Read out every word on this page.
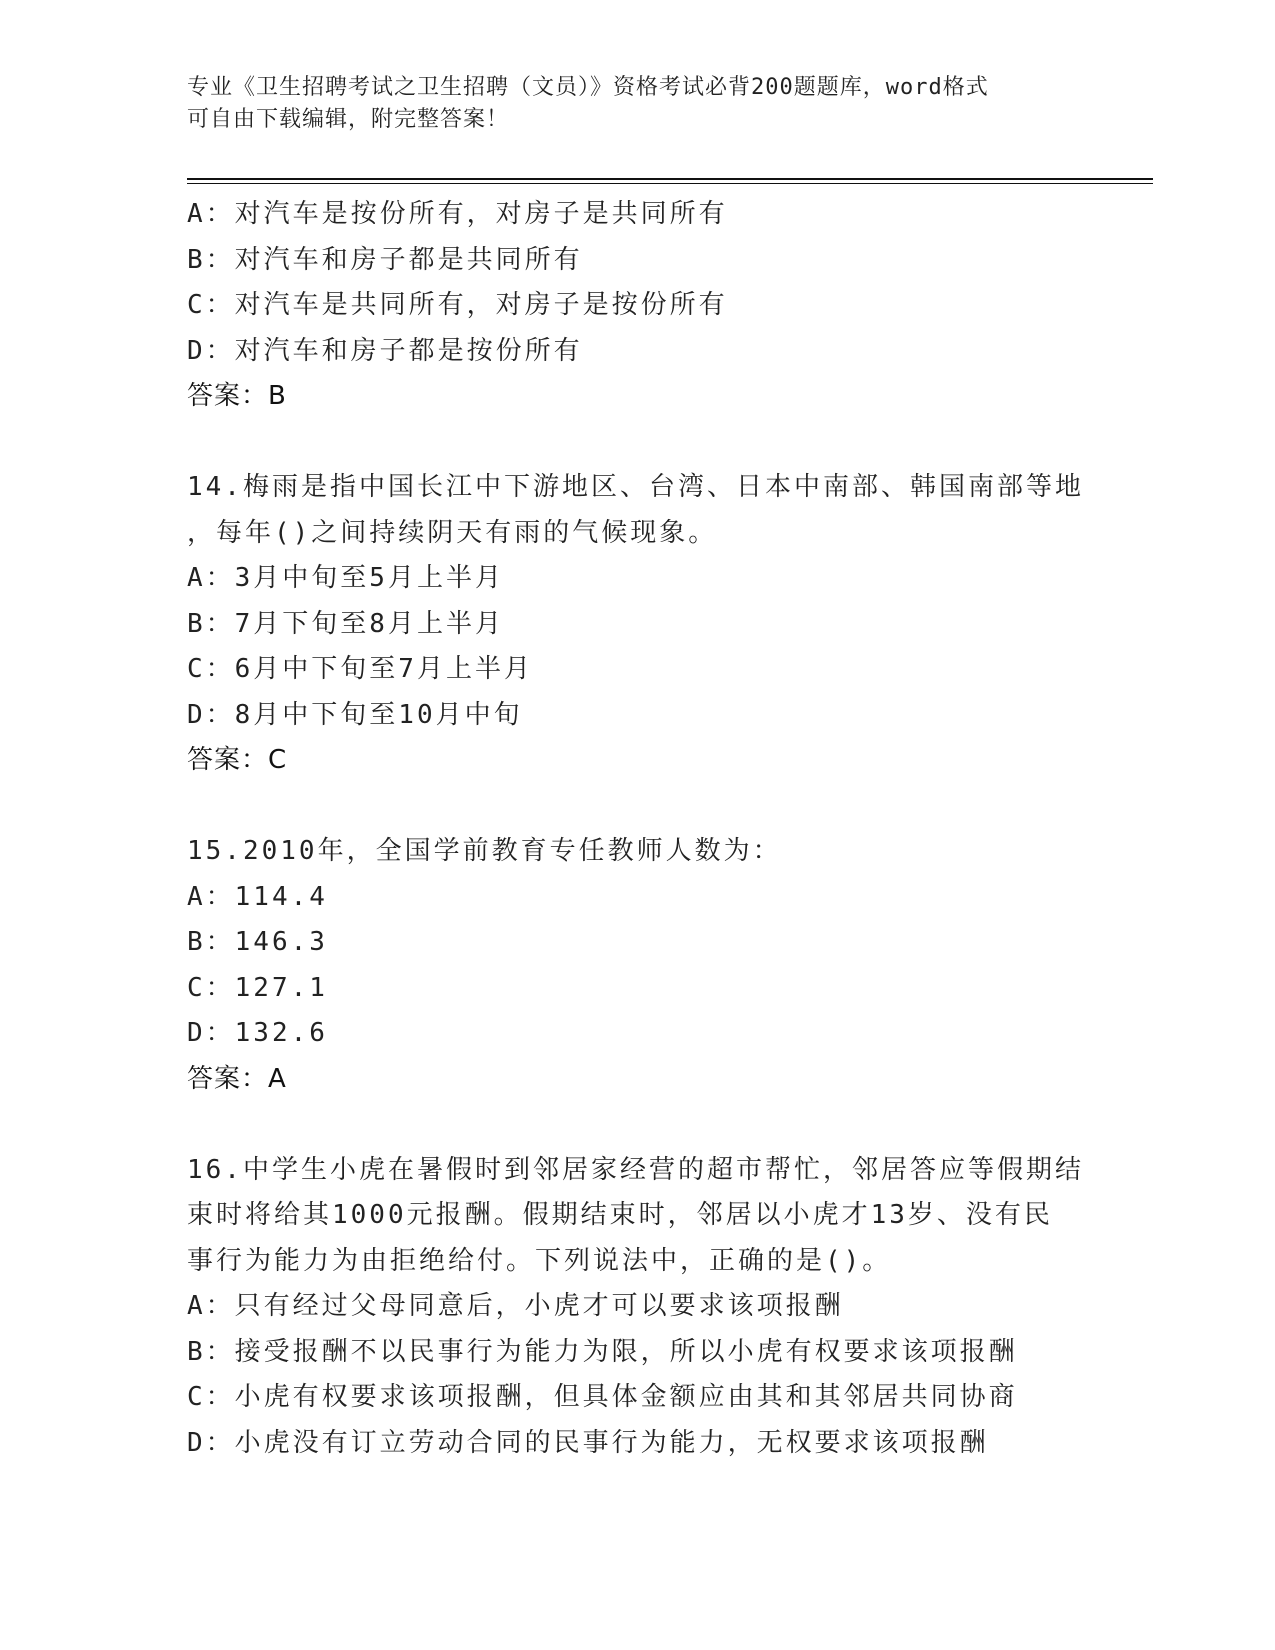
专业《卫生招聘考试之卫生招聘（文员）》资格考试必背200题题库，word格式
可自由下载编辑，附完整答案！
A：对汽车是按份所有，对房子是共同所有
B：对汽车和房子都是共同所有
C：对汽车是共同所有，对房子是按份所有
D：对汽车和房子都是按份所有
答案：B
14.梅雨是指中国长江中下游地区、台湾、日本中南部、韩国南部等地
，每年()之间持续阴天有雨的气候现象。
A：3月中旬至5月上半月
B：7月下旬至8月上半月
C：6月中下旬至7月上半月
D：8月中下旬至10月中旬
答案：C
15.2010年，全国学前教育专任教师人数为：
A：114.4
B：146.3
C：127.1
D：132.6
答案：A
16.中学生小虎在暑假时到邻居家经营的超市帮忙，邻居答应等假期结
束时将给其1000元报酬。假期结束时，邻居以小虎才13岁、没有民
事行为能力为由拒绝给付。下列说法中，正确的是()。
A：只有经过父母同意后，小虎才可以要求该项报酬
B：接受报酬不以民事行为能力为限，所以小虎有权要求该项报酬
C：小虎有权要求该项报酬，但具体金额应由其和其邻居共同协商
D：小虎没有订立劳动合同的民事行为能力，无权要求该项报酬
